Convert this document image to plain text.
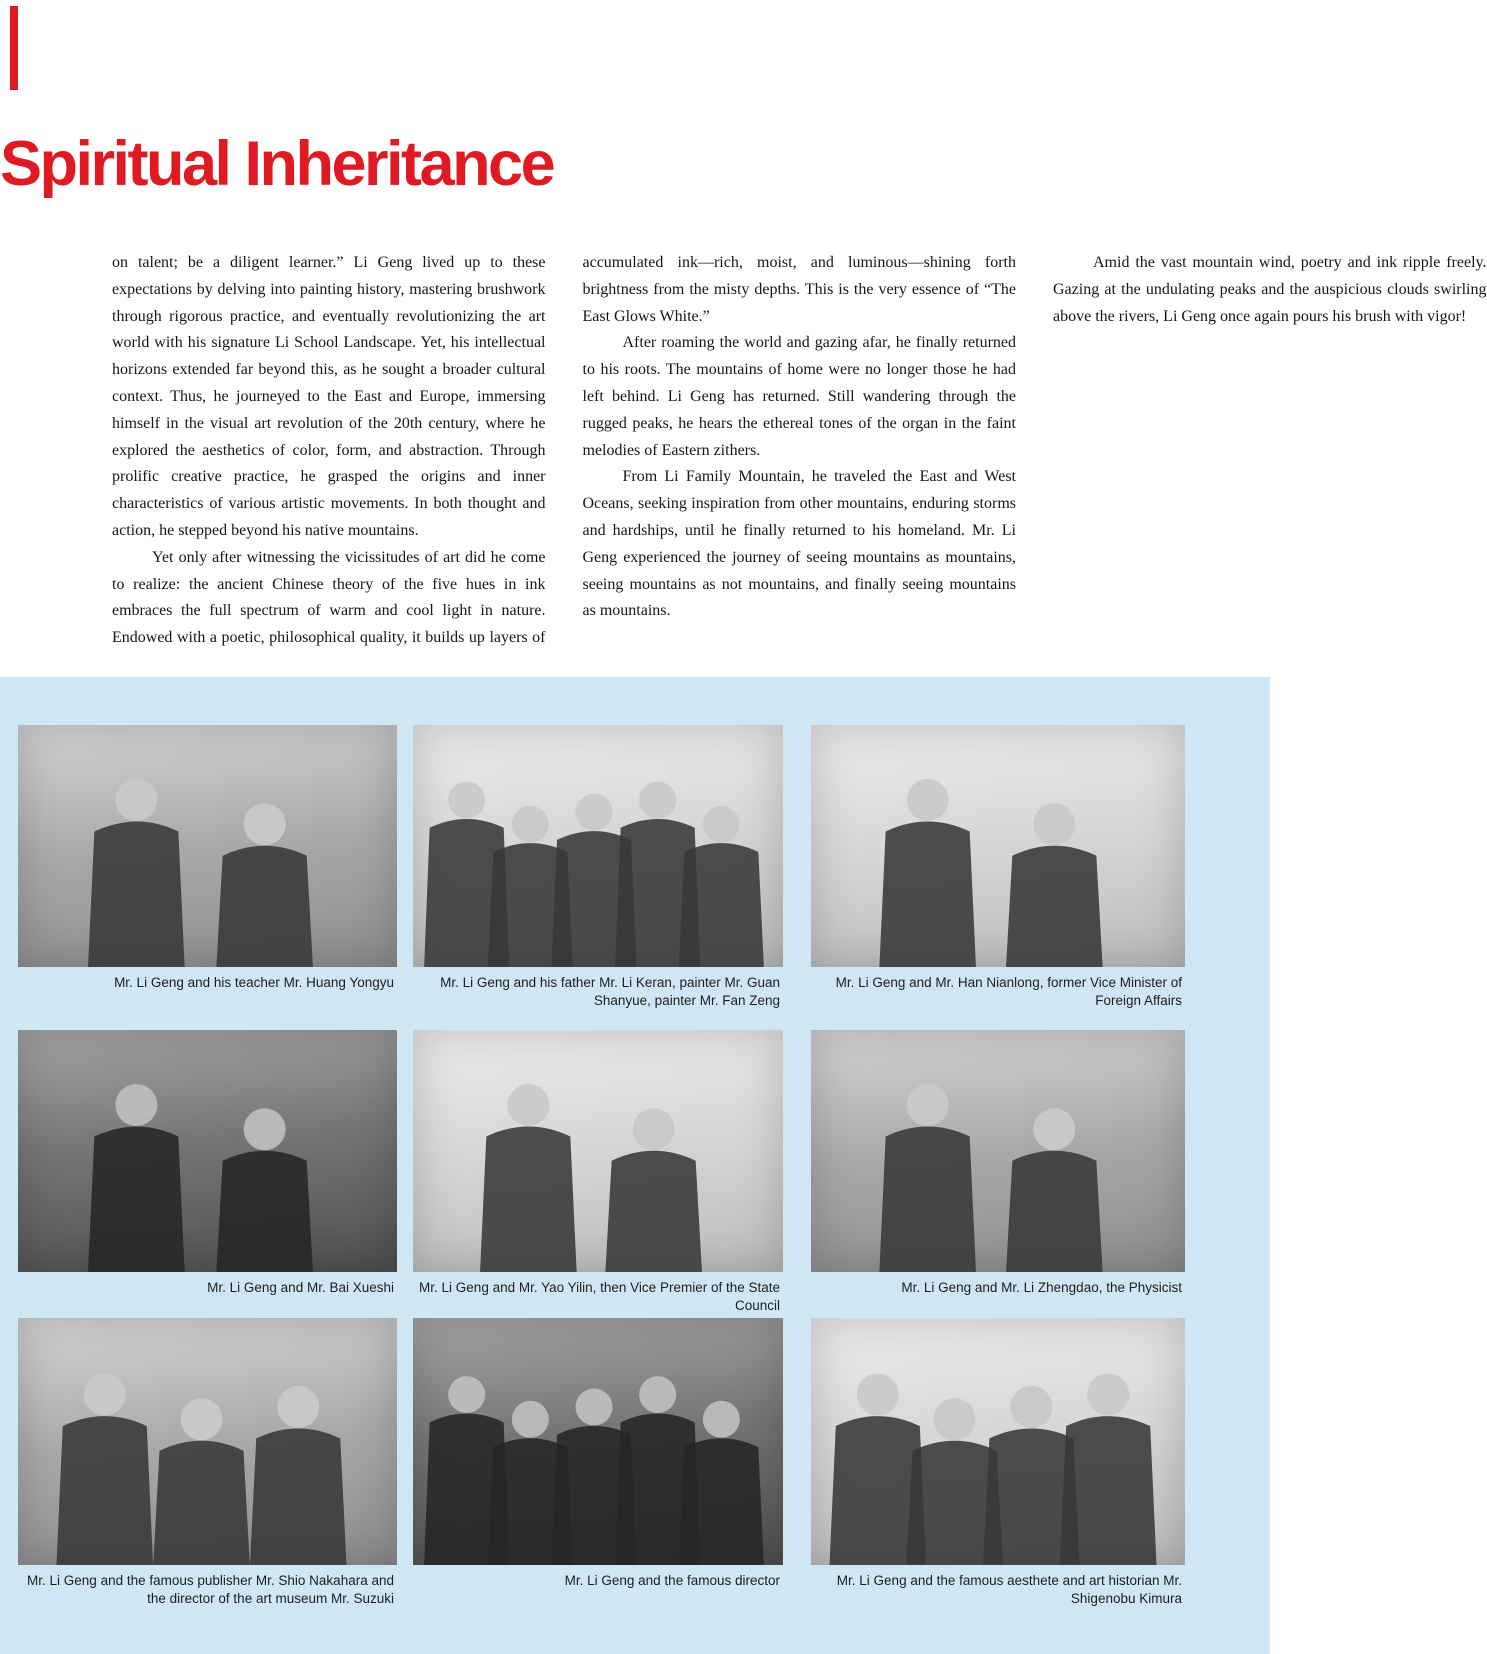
Spiritual Inheritance

on talent; be a diligent learner.” Li Geng lived up to these expectations by delving into painting history, mastering brushwork through rigorous practice, and eventually revolutionizing the art world with his signature Li School Landscape. Yet, his intellectual horizons extended far beyond this, as he sought a broader cultural context. Thus, he journeyed to the East and Europe, immersing himself in the visual art revolution of the 20th century, where he explored the aesthetics of color, form, and abstraction. Through prolific creative practice, he grasped the origins and inner characteristics of various artistic movements. In both thought and action, he stepped beyond his native mountains.

Yet only after witnessing the vicissitudes of art did he come to realize: the ancient Chinese theory of the five hues in ink embraces the full spectrum of warm and cool light in nature. Endowed with a poetic, philosophical quality, it builds up layers of accumulated ink—rich, moist, and luminous—shining forth brightness from the misty depths. This is the very essence of “The East Glows White.”

After roaming the world and gazing afar, he finally returned to his roots. The mountains of home were no longer those he had left behind. Li Geng has returned. Still wandering through the rugged peaks, he hears the ethereal tones of the organ in the faint melodies of Eastern zithers.

From Li Family Mountain, he traveled the East and West Oceans, seeking inspiration from other mountains, enduring storms and hardships, until he finally returned to his homeland. Mr. Li Geng experienced the journey of seeing mountains as mountains, seeing mountains as not mountains, and finally seeing mountains as mountains.

Amid the vast mountain wind, poetry and ink ripple freely. Gazing at the undulating peaks and the auspicious clouds swirling above the rivers, Li Geng once again pours his brush with vigor!

Mr. Li Geng and his teacher Mr. Huang Yongyu	Mr. Li Geng and his father Mr. Li Keran, painter Mr. Guan Shanyue, painter Mr. Fan Zeng
Mr. Li Geng and Mr. Han Nianlong, former Vice Minister of Foreign Affairs
Mr. Li Geng and Mr. Bai Xueshi	Mr. Li Geng and Mr. Yao Yilin, then Vice Premier of the State Council
Mr. Li Geng and Mr. Li Zhengdao, the Physicist
Mr. Li Geng and the famous publisher Mr. Shio Nakahara and the director of the art museum Mr. Suzuki
Mr. Li Geng and the famous director	Mr. Li Geng and the famous aesthete and art historian Mr. Shigenobu Kimura
